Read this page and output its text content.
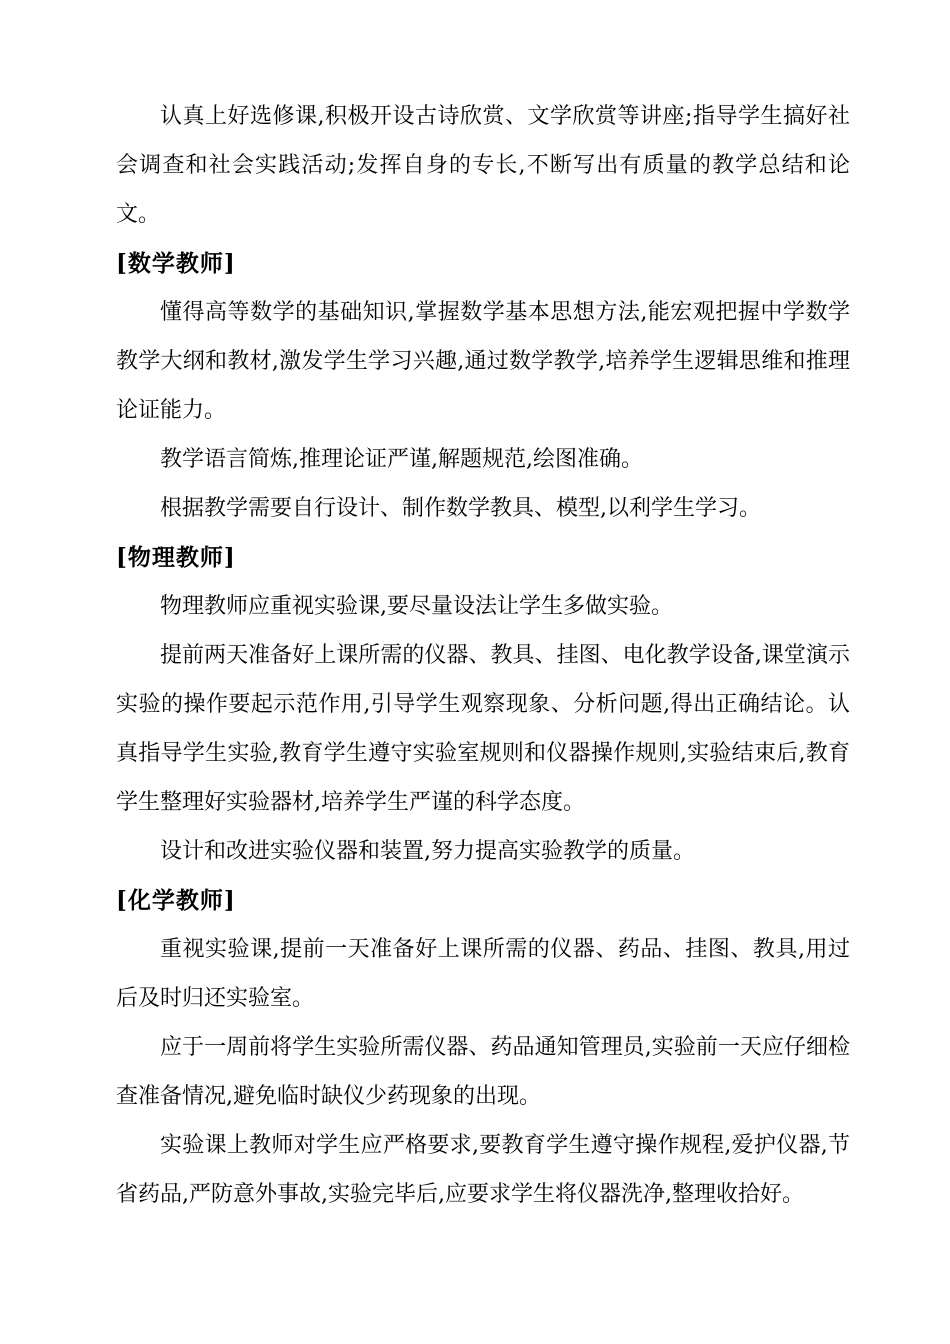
认真上好选修课,积极开设古诗欣赏、文学欣赏等讲座;指导学生搞好社会调查和社会实践活动;发挥自身的专长,不断写出有质量的教学总结和论文。

[数学教师]

懂得高等数学的基础知识,掌握数学基本思想方法,能宏观把握中学数学教学大纲和教材,激发学生学习兴趣,通过数学教学,培养学生逻辑思维和推理论证能力。

教学语言简炼,推理论证严谨,解题规范,绘图准确。

根据教学需要自行设计、制作数学教具、模型,以利学生学习。

[物理教师]

物理教师应重视实验课,要尽量设法让学生多做实验。

提前两天准备好上课所需的仪器、教具、挂图、电化教学设备,课堂演示实验的操作要起示范作用,引导学生观察现象、分析问题,得出正确结论。认真指导学生实验,教育学生遵守实验室规则和仪器操作规则,实验结束后,教育学生整理好实验器材,培养学生严谨的科学态度。

设计和改进实验仪器和装置,努力提高实验教学的质量。

[化学教师]

重视实验课,提前一天准备好上课所需的仪器、药品、挂图、教具,用过后及时归还实验室。

应于一周前将学生实验所需仪器、药品通知管理员,实验前一天应仔细检查准备情况,避免临时缺仪少药现象的出现。

实验课上教师对学生应严格要求,要教育学生遵守操作规程,爱护仪器,节省药品,严防意外事故,实验完毕后,应要求学生将仪器洗净,整理收拾好。
